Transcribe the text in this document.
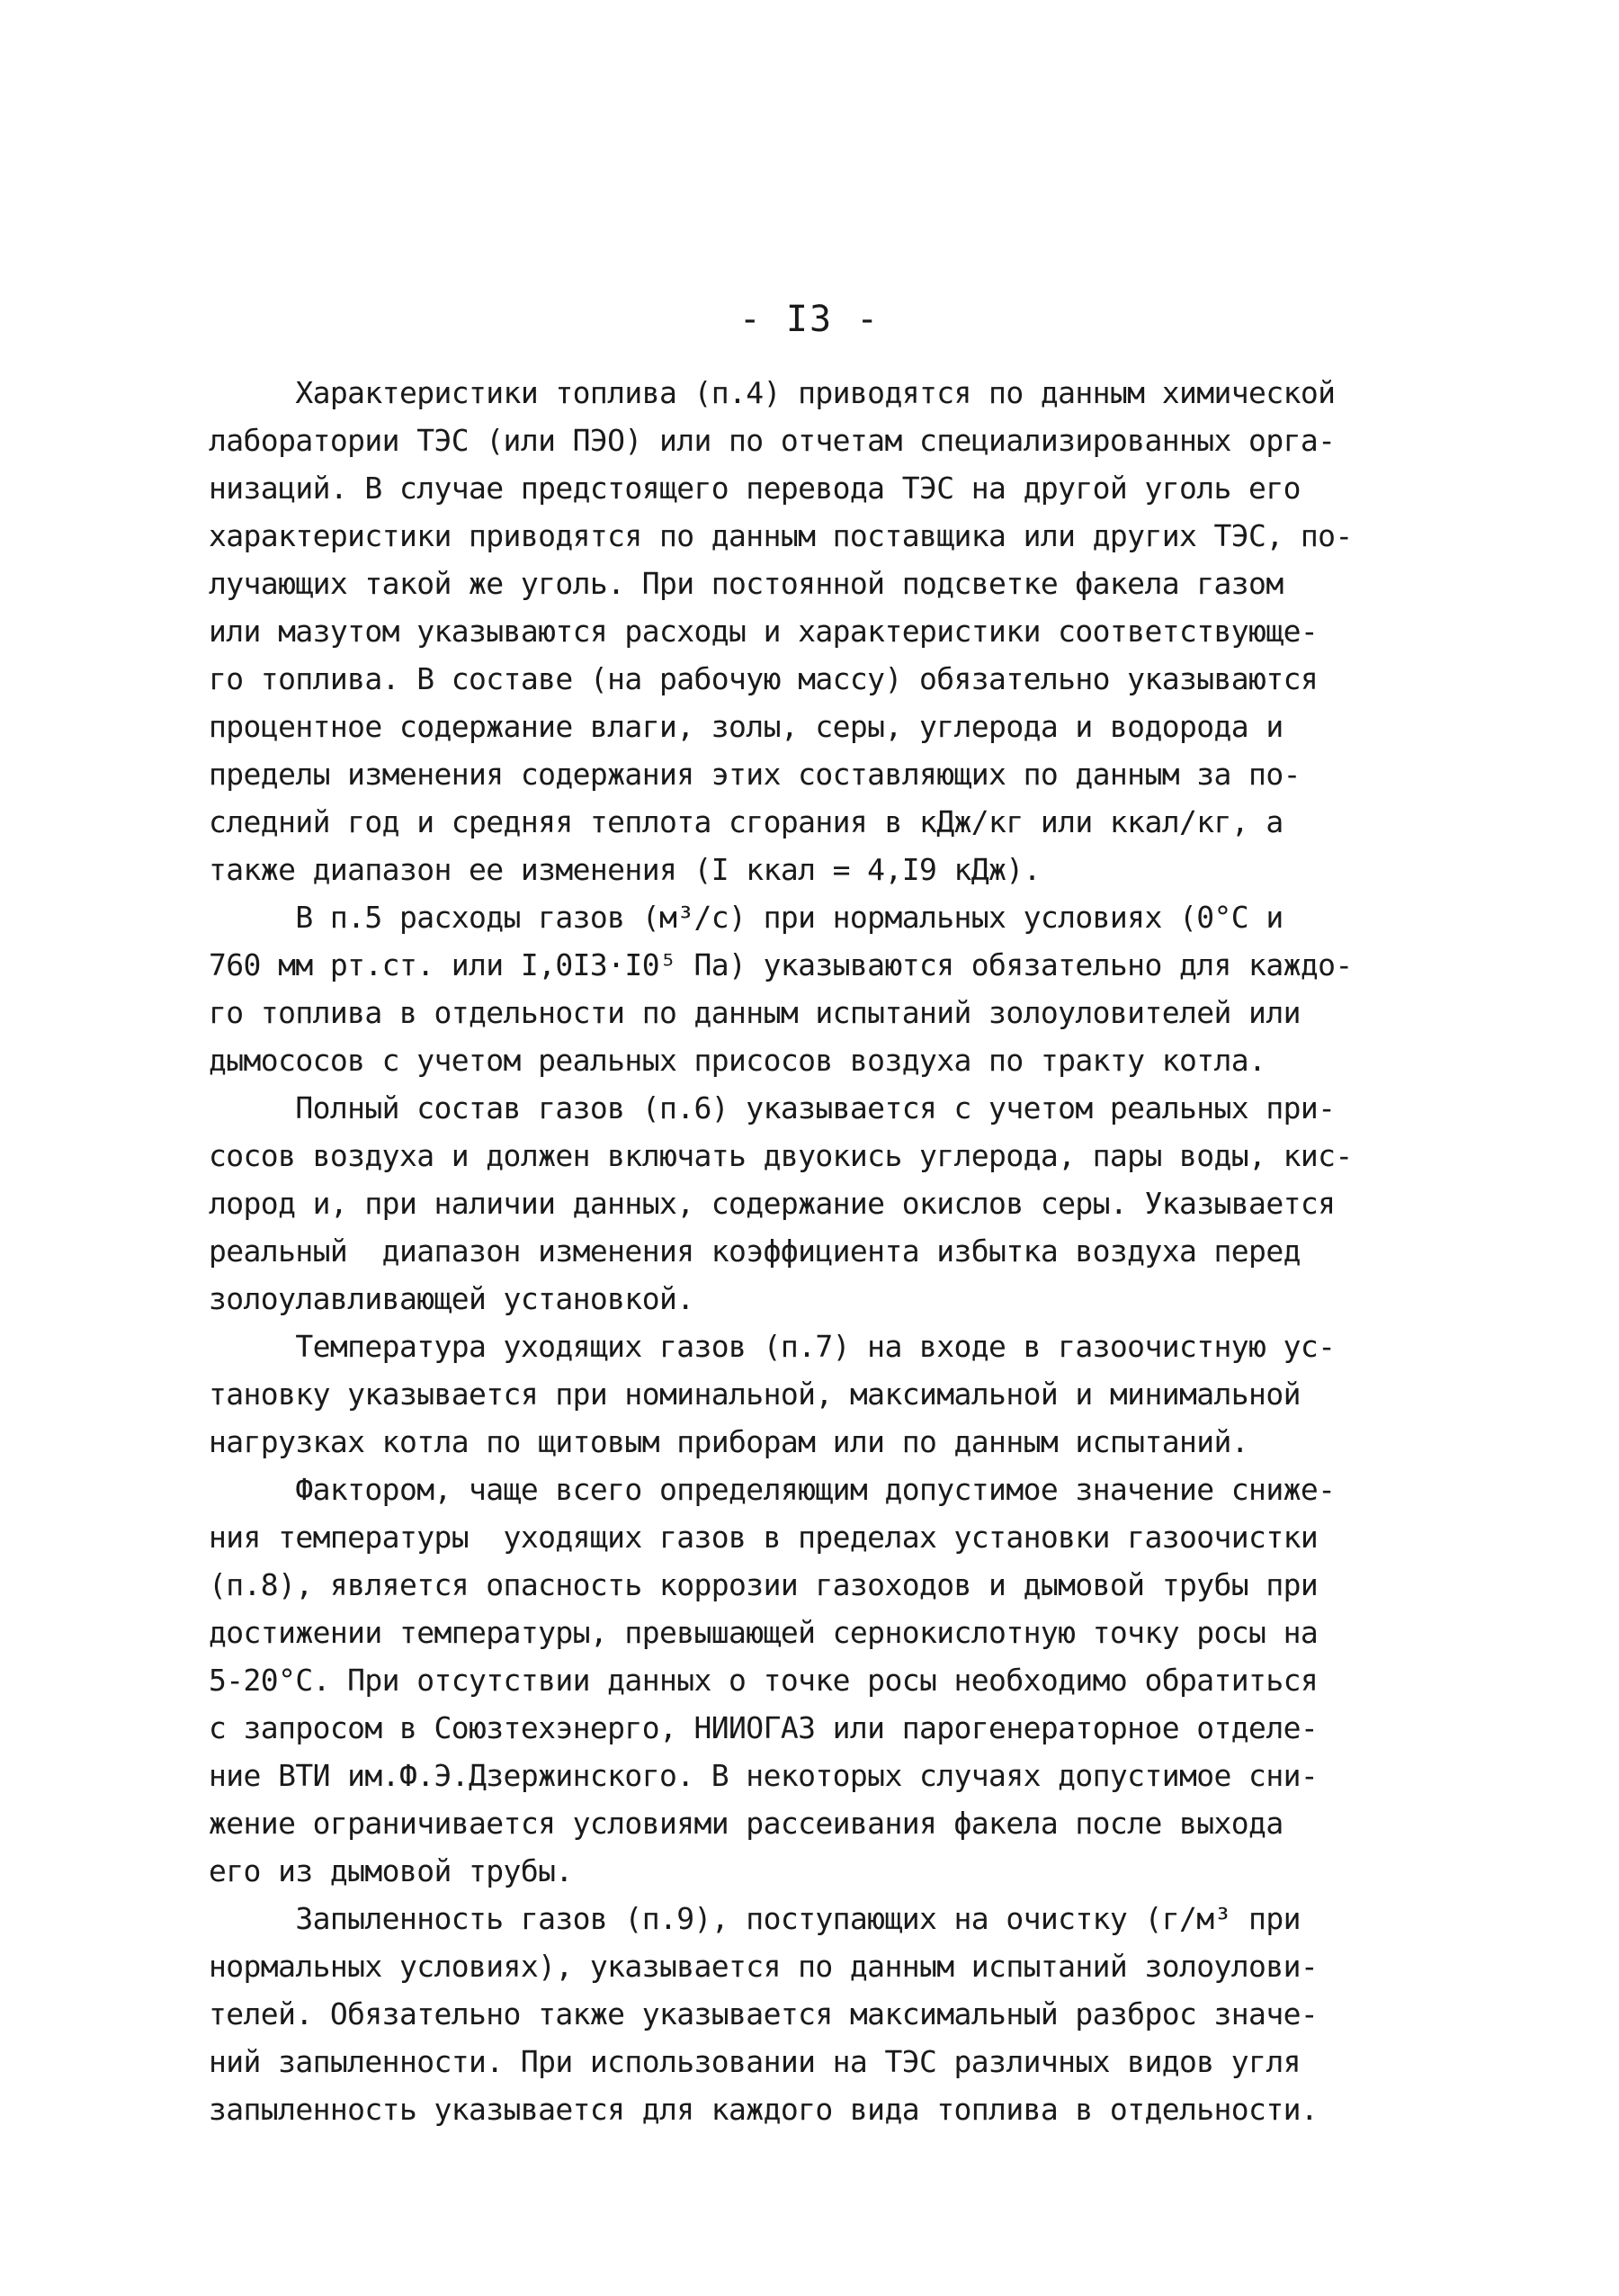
- I3 -
Характеристики топлива (п.4) приводятся по данным химической
лаборатории ТЭС (или ПЭО) или по отчетам специализированных орга-
низаций. В случае предстоящего перевода ТЭС на другой уголь его
характеристики приводятся по данным поставщика или других ТЭС, по-
лучающих такой же уголь. При постоянной подсветке факела газом
или мазутом указываются расходы и характеристики соответствующе-
го топлива. В составе (на рабочую массу) обязательно указываются
процентное содержание влаги, золы, серы, углерода и водорода и
пределы изменения содержания этих составляющих по данным за по-
следний год и средняя теплота сгорания в кДж/кг или ккал/кг, а
также диапазон ее изменения (I ккал = 4,I9 кДж).
В п.5 расходы газов (м³/с) при нормальных условиях (0°С и
760 мм рт.ст. или I,0I3·I0⁵ Па) указываются обязательно для каждо-
го топлива в отдельности по данным испытаний золоуловителей или
дымососов с учетом реальных присосов воздуха по тракту котла.
Полный состав газов (п.6) указывается с учетом реальных при-
сосов воздуха и должен включать двуокись углерода, пары воды, кис-
лород и, при наличии данных, содержание окислов серы. Указывается
реальный  диапазон изменения коэффициента избытка воздуха перед
золоулавливающей установкой.
Температура уходящих газов (п.7) на входе в газоочистную ус-
тановку указывается при номинальной, максимальной и минимальной
нагрузках котла по щитовым приборам или по данным испытаний.
Фактором, чаще всего определяющим допустимое значение сниже-
ния температуры  уходящих газов в пределах установки газоочистки
(п.8), является опасность коррозии газоходов и дымовой трубы при
достижении температуры, превышающей сернокислотную точку росы на
5-20°С. При отсутствии данных о точке росы необходимо обратиться
с запросом в Союзтехэнерго, НИИОГАЗ или парогенераторное отделе-
ние ВТИ им.Ф.Э.Дзержинского. В некоторых случаях допустимое сни-
жение ограничивается условиями рассеивания факела после выхода
его из дымовой трубы.
Запыленность газов (п.9), поступающих на очистку (г/м³ при
нормальных условиях), указывается по данным испытаний золоулови-
телей. Обязательно также указывается максимальный разброс значе-
ний запыленности. При использовании на ТЭС различных видов угля
запыленность указывается для каждого вида топлива в отдельности.
